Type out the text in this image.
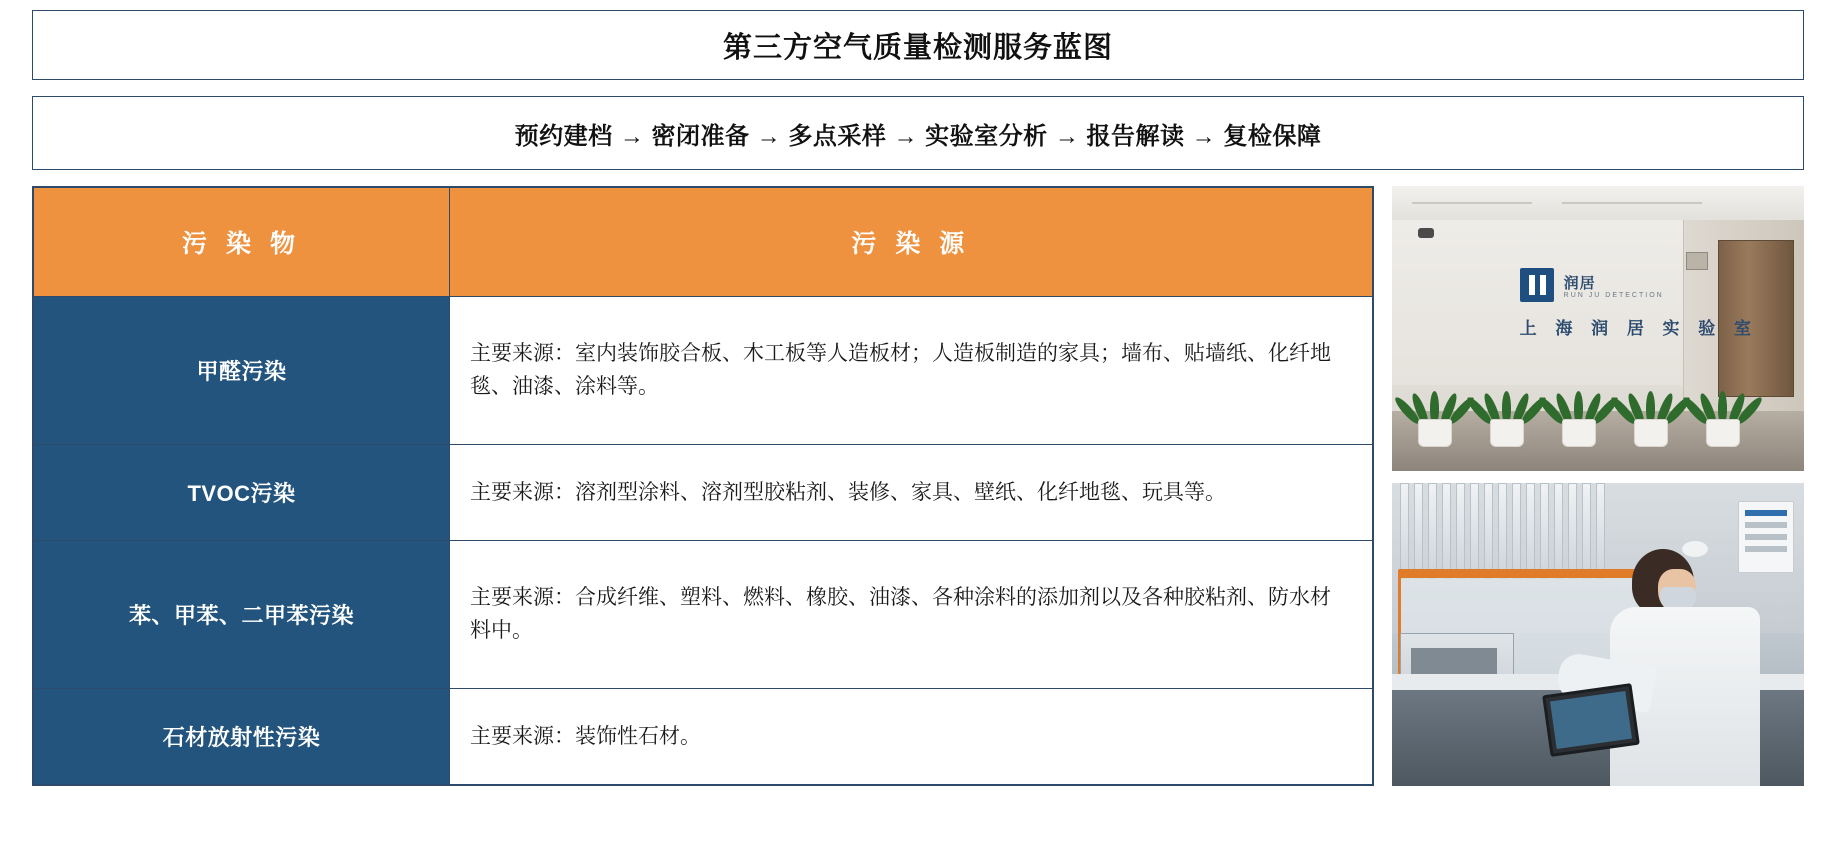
第三方空气质量检测服务蓝图
预约建档 → 密闭准备 → 多点采样 → 实验室分析 → 报告解读 → 复检保障
污 染 物	污 染 源
甲醛污染	主要来源：室内装饰胶合板、木工板等人造板材；人造板制造的家具；墙布、贴墙纸、化纤地毯、油漆、涂料等。
TVOC污染	主要来源：溶剂型涂料、溶剂型胶粘剂、装修、家具、壁纸、化纤地毯、玩具等。
苯、甲苯、二甲苯污染	主要来源：合成纤维、塑料、燃料、橡胶、油漆、各种涂料的添加剂以及各种胶粘剂、防水材料中。
石材放射性污染	主要来源：装饰性石材。
润居
RUN JU DETECTION
上 海 润 居 实 验 室
